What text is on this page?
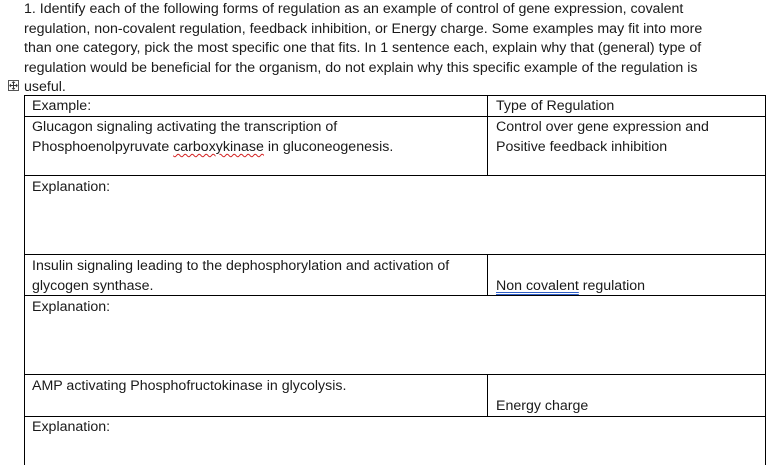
1. Identify each of the following forms of regulation as an example of control of gene expression, covalent
regulation, non-covalent regulation, feedback inhibition, or Energy charge. Some examples may fit into more
than one category, pick the most specific one that fits. In 1 sentence each, explain why that (general) type of
regulation would be beneficial for the organism, do not explain why this specific example of the regulation is
useful.
Example:	Type of Regulation
Glucagon signaling activating the transcription of
Phosphoenolpyruvate carboxykinase in gluconeogenesis.
Control over gene expression and
Positive feedback inhibition
Explanation:
Insulin signaling leading to the dephosphorylation and activation of
glycogen synthase.	Non covalent regulation
Explanation:
AMP activating Phosphofructokinase in glycolysis.
Energy charge
Explanation:
